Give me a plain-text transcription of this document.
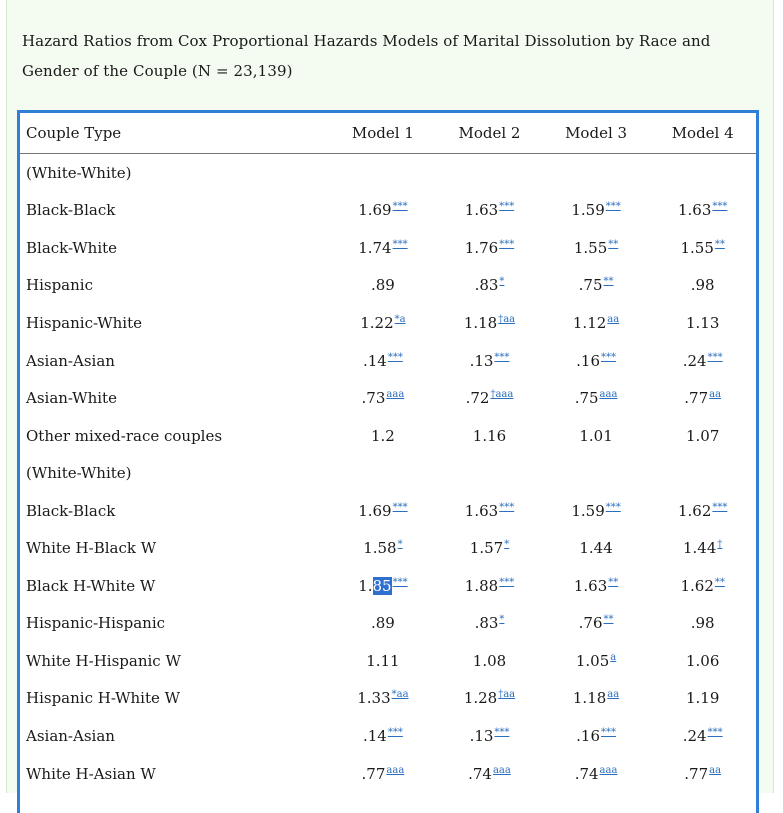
Hazard Ratios from Cox Proportional Hazards Models of Marital Dissolution by Race and Gender of the Couple (N = 23,139)
Couple Type	Model 1	Model 2	Model 3	Model 4
(White-White)				
Black-Black	1.69***	1.63***	1.59***	1.63***
Black-White	1.74***	1.76***	1.55**	1.55**
Hispanic	.89	.83*	.75**	.98
Hispanic-White	1.22$^{*a}$	$1.18^{\dagger aa}$	1.12$^{aa}$	1.13
Asian-Asian	.14***	.13***	.16***	.24***
Asian-White	.73$^{aaa}$	$.72^{\dagger aaa}$	.75$^{aaa}$	.77$^{aa}$
Other mixed-race couples	1.2	1.16	1.01	1.07
(White-White)				
Black-Black	1.69***	1.63***	1.59***	1.62***
White H-Black W	1.58*	1.57*	1.44	1.44†
Black H-White W	1.85***	1.88***	1.63**	1.62**
Hispanic-Hispanic	.89	.83*	.76**	.98
White H-Hispanic W	1.11	1.08	1.05$^a$	1.06
Hispanic H-White W	$1.33^{*aa}$	$1.28^{\dagger aa}$	1.18$^{aa}$	1.19
Asian-Asian	.14***	.13***	.16***	.24***
White H-Asian W	.77$^{aaa}$	.74$^{aaa}$	.74$^{aaa}$	.77$^{aa}$
